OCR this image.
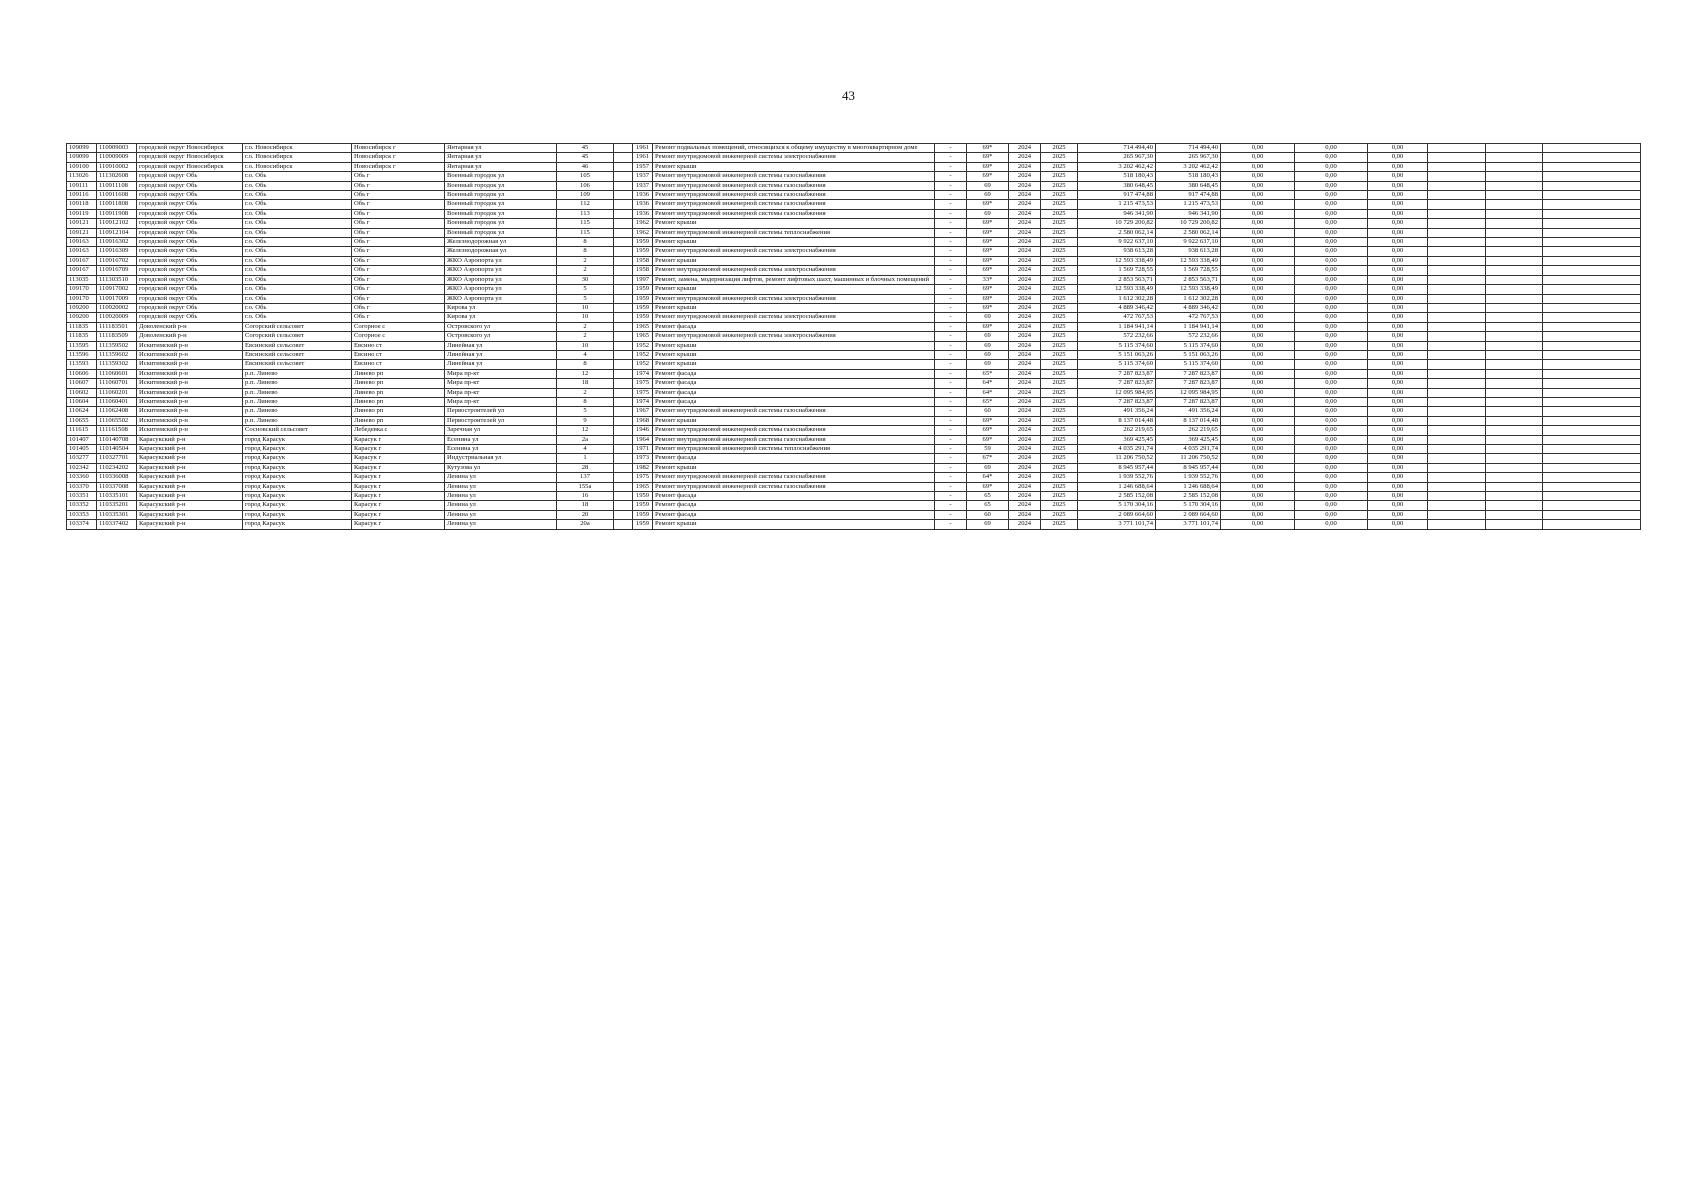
43
109099	110909003	городской округ Новосибирск	г.о. Новосибирск	Новосибирск г	Янтарная ул	45		1961	Ремонт подвальных помещений, относящихся к общему имуществу в многоквартирном доме	-	69*	2024	2025	714 494,40	714 494,40	0,00	0,00	0,00			
109099	110909009	городской округ Новосибирск	г.о. Новосибирск	Новосибирск г	Янтарная ул	45		1961	Ремонт внутридомовой инженерной системы электроснабжения	-	69*	2024	2025	265 967,30	265 967,30	0,00	0,00	0,00			
109100	110910002	городской округ Новосибирск	г.о. Новосибирск	Новосибирск г	Янтарная ул	46		1957	Ремонт крыши	-	69*	2024	2025	3 202 462,42	3 202 462,42	0,00	0,00	0,00			
113026	111302608	городской округ Обь	г.о. Обь	Обь г	Военный городок ул	105		1937	Ремонт внутридомовой инженерной системы газоснабжения	-	69*	2024	2025	518 180,43	518 180,43	0,00	0,00	0,00			
109111	110911108	городской округ Обь	г.о. Обь	Обь г	Военный городок ул	106		1937	Ремонт внутридомовой инженерной системы газоснабжения	-	69	2024	2025	380 648,45	380 648,45	0,00	0,00	0,00			
109116	110911608	городской округ Обь	г.о. Обь	Обь г	Военный городок ул	109		1936	Ремонт внутридомовой инженерной системы газоснабжения	-	69	2024	2025	917 474,88	917 474,88	0,00	0,00	0,00			
109118	110911808	городской округ Обь	г.о. Обь	Обь г	Военный городок ул	112		1936	Ремонт внутридомовой инженерной системы газоснабжения	-	69*	2024	2025	1 215 473,53	1 215 473,53	0,00	0,00	0,00			
109119	110911908	городской округ Обь	г.о. Обь	Обь г	Военный городок ул	113		1936	Ремонт внутридомовой инженерной системы газоснабжения	-	69	2024	2025	946 341,90	946 341,90	0,00	0,00	0,00			
109121	110912102	городской округ Обь	г.о. Обь	Обь г	Военный городок ул	115		1962	Ремонт крыши	-	69*	2024	2025	10 729 200,82	10 729 200,82	0,00	0,00	0,00			
109121	110912104	городской округ Обь	г.о. Обь	Обь г	Военный городок ул	115		1962	Ремонт внутридомовой инженерной системы теплоснабжения	-	69*	2024	2025	2 580 062,14	2 580 062,14	0,00	0,00	0,00			
109163	110916302	городской округ Обь	г.о. Обь	Обь г	Железнодорожная ул	8		1959	Ремонт крыши	-	69*	2024	2025	9 922 637,10	9 922 637,10	0,00	0,00	0,00			
109163	110916309	городской округ Обь	г.о. Обь	Обь г	Железнодорожная ул	8		1959	Ремонт внутридомовой инженерной системы электроснабжения	-	69*	2024	2025	938 613,28	938 613,28	0,00	0,00	0,00			
109167	110916702	городской округ Обь	г.о. Обь	Обь г	ЖКО Аэропорта ул	2		1958	Ремонт крыши	-	69*	2024	2025	12 593 338,49	12 593 338,49	0,00	0,00	0,00			
109167	110916709	городской округ Обь	г.о. Обь	Обь г	ЖКО Аэропорта ул	2		1958	Ремонт внутридомовой инженерной системы электроснабжения	-	69*	2024	2025	1 569 728,55	1 569 728,55	0,00	0,00	0,00			
113035	111303510	городской округ Обь	г.о. Обь	Обь г	ЖКО Аэропорта ул	30		1997	Ремонт, замена, модернизация лифтов, ремонт лифтовых шахт, машинных и блочных помещений	-	33*	2024	2025	2 853 563,71	2 853 563,71	0,00	0,00	0,00			
109170	110917002	городской округ Обь	г.о. Обь	Обь г	ЖКО Аэропорта ул	5		1959	Ремонт крыши	-	69*	2024	2025	12 593 338,49	12 593 338,49	0,00	0,00	0,00			
109170	110917009	городской округ Обь	г.о. Обь	Обь г	ЖКО Аэропорта ул	5		1959	Ремонт внутридомовой инженерной системы электроснабжения	-	69*	2024	2025	1 612 302,28	1 612 302,28	0,00	0,00	0,00			
109200	110920002	городской округ Обь	г.о. Обь	Обь г	Кирова ул	10		1959	Ремонт крыши	-	69*	2024	2025	4 889 346,42	4 889 346,42	0,00	0,00	0,00			
109200	110920009	городской округ Обь	г.о. Обь	Обь г	Кирова ул	10		1959	Ремонт внутридомовой инженерной системы электроснабжения	-	69	2024	2025	472 767,53	472 767,53	0,00	0,00	0,00			
111835	111183501	Доволенский р-н	Согорский сельсовет	Согорное с	Островского ул	2		1965	Ремонт фасада	-	69*	2024	2025	1 184 941,14	1 184 941,14	0,00	0,00	0,00			
111835	111183509	Доволенский р-н	Согорский сельсовет	Согорное с	Островского ул	2		1965	Ремонт внутридомовой инженерной системы электроснабжения	-	69	2024	2025	572 232,66	572 232,66	0,00	0,00	0,00			
113595	111359502	Искитимский р-н	Евсинский сельсовет	Евсино ст	Линейная ул	10		1952	Ремонт крыши	-	69	2024	2025	5 115 374,60	5 115 374,60	0,00	0,00	0,00			
113596	111359602	Искитимский р-н	Евсинский сельсовет	Евсино ст	Линейная ул	4		1952	Ремонт крыши	-	69	2024	2025	5 151 063,26	5 151 063,26	0,00	0,00	0,00			
113593	111359302	Искитимский р-н	Евсинский сельсовет	Евсино ст	Линейная ул	8		1952	Ремонт крыши	-	69	2024	2025	5 115 374,60	5 115 374,60	0,00	0,00	0,00			
110606	111060601	Искитимский р-н	р.п. Линево	Линево рп	Мира пр-кт	12		1974	Ремонт фасада	-	65*	2024	2025	7 287 823,87	7 287 823,87	0,00	0,00	0,00			
110607	111060701	Искитимский р-н	р.п. Линево	Линево рп	Мира пр-кт	18		1975	Ремонт фасада	-	64*	2024	2025	7 287 823,87	7 287 823,87	0,00	0,00	0,00			
110602	111060201	Искитимский р-н	р.п. Линево	Линево рп	Мира пр-кт	2		1975	Ремонт фасада	-	64*	2024	2025	12 095 984,95	12 095 984,95	0,00	0,00	0,00			
110604	111060401	Искитимский р-н	р.п. Линево	Линево рп	Мира пр-кт	8		1974	Ремонт фасада	-	65*	2024	2025	7 287 823,87	7 287 823,87	0,00	0,00	0,00			
110624	111062408	Искитимский р-н	р.п. Линево	Линево рп	Первостроителей ул	5		1967	Ремонт внутридомовой инженерной системы газоснабжения	-	60	2024	2025	491 356,24	491 356,24	0,00	0,00	0,00			
110655	111065502	Искитимский р-н	р.п. Линево	Линево рп	Первостроителей ул	9		1968	Ремонт крыши	-	69*	2024	2025	8 137 014,48	8 137 014,48	0,00	0,00	0,00			
111615	111161508	Искитимский р-н	Сосновский сельсовет	Лебедевка с	Заречная ул	12		1946	Ремонт внутридомовой инженерной системы газоснабжения	-	69*	2024	2025	262 219,65	262 219,65	0,00	0,00	0,00			
101407	110140708	Карасукский р-н	город Карасук	Карасук г	Есенина ул	2а		1964	Ремонт внутридомовой инженерной системы газоснабжения	-	69*	2024	2025	369 425,45	369 425,45	0,00	0,00	0,00			
101405	110140504	Карасукский р-н	город Карасук	Карасук г	Есенина ул	4		1971	Ремонт внутридомовой инженерной системы теплоснабжения	-	59	2024	2025	4 035 291,74	4 035 291,74	0,00	0,00	0,00			
103277	110327701	Карасукский р-н	город Карасук	Карасук г	Индустриальная ул	1		1973	Ремонт фасада	-	67*	2024	2025	11 206 750,52	11 206 750,52	0,00	0,00	0,00			
102342	110234202	Карасукский р-н	город Карасук	Карасук г	Кутузова ул	28		1982	Ремонт крыши	-	69	2024	2025	8 945 957,44	8 945 957,44	0,00	0,00	0,00			
103360	110336008	Карасукский р-н	город Карасук	Карасук г	Ленина ул	137		1975	Ремонт внутридомовой инженерной системы газоснабжения	-	64*	2024	2025	1 939 552,76	1 939 552,76	0,00	0,00	0,00			
103370	110337008	Карасукский р-н	город Карасук	Карасук г	Ленина ул	155а		1965	Ремонт внутридомовой инженерной системы газоснабжения	-	69*	2024	2025	1 246 688,64	1 246 688,64	0,00	0,00	0,00			
103351	110335101	Карасукский р-н	город Карасук	Карасук г	Ленина ул	16		1959	Ремонт фасада	-	65	2024	2025	2 585 152,08	2 585 152,08	0,00	0,00	0,00			
103352	110335201	Карасукский р-н	город Карасук	Карасук г	Ленина ул	18		1959	Ремонт фасада	-	65	2024	2025	5 170 304,16	5 170 304,16	0,00	0,00	0,00			
103353	110335301	Карасукский р-н	город Карасук	Карасук г	Ленина ул	20		1959	Ремонт фасада	-	60	2024	2025	2 089 664,60	2 089 664,60	0,00	0,00	0,00			
103374	110337402	Карасукский р-н	город Карасук	Карасук г	Ленина ул	20а		1959	Ремонт крыши	-	69	2024	2025	3 771 101,74	3 771 101,74	0,00	0,00	0,00			
